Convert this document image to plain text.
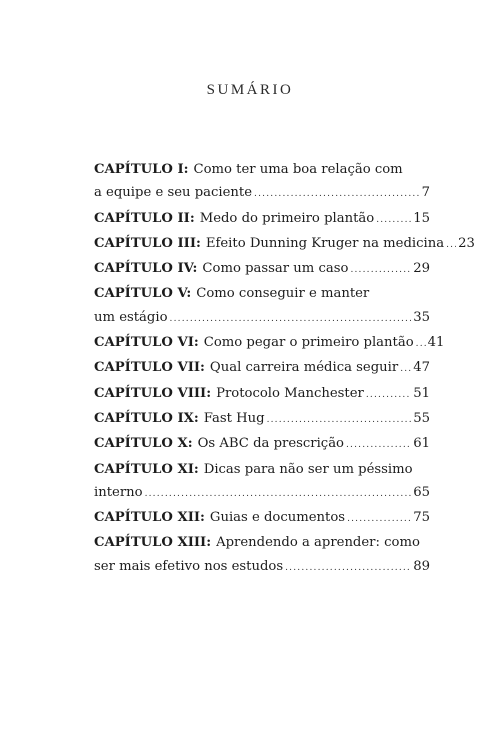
SUMÁRIO
CAPÍTULO I: Como ter uma boa relação com
a equipe e seu paciente .....	7
CAPÍTULO II: Medo do primeiro plantão .....	15
CAPÍTULO III: Efeito Dunning Kruger na medicina ..... 23
CAPÍTULO IV: Como passar um caso .....	29
CAPÍTULO V: Como conseguir e manter
um estágio .....	35
CAPÍTULO VI: Como pegar o primeiro plantão ..... 41
CAPÍTULO VII: Qual carreira médica seguir ..... 47
CAPÍTULO VIII: Protocolo Manchester .....	51
CAPÍTULO IX: Fast Hug .....	55
CAPÍTULO X: Os ABC da prescrição .....	61
CAPÍTULO XI: Dicas para não ser um péssimo
interno .....	65
CAPÍTULO XII: Guias e documentos .....	75
CAPÍTULO XIII: Aprendendo a aprender: como
ser mais efetivo nos estudos .....	89
